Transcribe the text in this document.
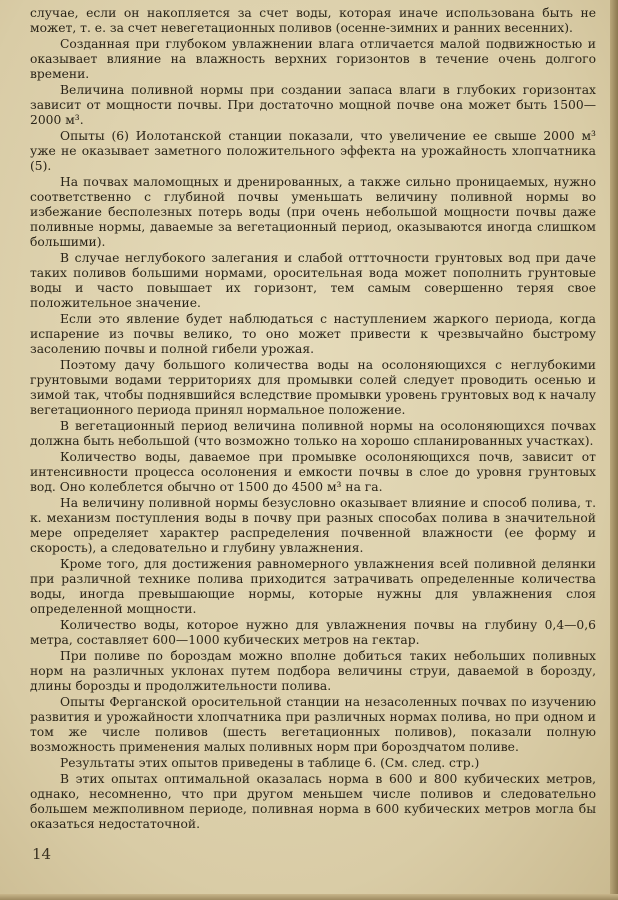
случае, если он накопляется за счет воды, которая иначе использована быть не может, т. е. за счет невегетационных поливов (осенне-зимних и ранних весенних).

Созданная при глубоком увлажнении влага отличается малой подвижностью и оказывает влияние на влажность верхних горизонтов в течение очень долгого времени.

Величина поливной нормы при создании запаса влаги в глубоких горизонтах зависит от мощности почвы. При достаточно мощной почве она может быть 1500—2000 м³.

Опыты (6) Иолотанской станции показали, что увеличение ее свыше 2000 м³ уже не оказывает заметного положительного эффекта на урожайность хлопчатника (5).

На почвах маломощных и дренированных, а также сильно проницаемых, нужно соответственно с глубиной почвы уменьшать величину поливной нормы во избежание бесполезных потерь воды (при очень небольшой мощности почвы даже поливные нормы, даваемые за вегетационный период, оказываются иногда слишком большими).

В случае неглубокого залегания и слабой оттточности грунтовых вод при даче таких поливов большими нормами, оросительная вода может пополнить грунтовые воды и часто повышает их горизонт, тем самым совершенно теряя свое положительное значение.

Если это явление будет наблюдаться с наступлением жаркого периода, когда испарение из почвы велико, то оно может привести к чрезвычайно быстрому засолению почвы и полной гибели урожая.

Поэтому дачу большого количества воды на осолоняющихся с неглубокими грунтовыми водами территориях для промывки солей следует проводить осенью и зимой так, чтобы поднявшийся вследствие промывки уровень грунтовых вод к началу вегетационного периода принял нормальное положение.

В вегетационный период величина поливной нормы на осолоняющихся почвах должна быть небольшой (что возможно только на хорошо спланированных участках).

Количество воды, даваемое при промывке осолоняющихся почв, зависит от интенсивности процесса осолонения и емкости почвы в слое до уровня грунтовых вод. Оно колеблется обычно от 1500 до 4500 м³ на га.

На величину поливной нормы безусловно оказывает влияние и способ полива, т. к. механизм поступления воды в почву при разных способах полива в значительной мере определяет характер распределения почвенной влажности (ее форму и скорость), а следовательно и глубину увлажнения.

Кроме того, для достижения равномерного увлажнения всей поливной делянки при различной технике полива приходится затрачивать определенные количества воды, иногда превышающие нормы, которые нужны для увлажнения слоя определенной мощности.

Количество воды, которое нужно для увлажнения почвы на глубину 0,4—0,6 метра, составляет 600—1000 кубических метров на гектар.

При поливе по бороздам можно вполне добиться таких небольших поливных норм на различных уклонах путем подбора величины струи, даваемой в борозду, длины борозды и продолжительности полива.

Опыты Ферганской оросительной станции на незасоленных почвах по изучению развития и урожайности хлопчатника при различных нормах полива, но при одном и том же числе поливов (шесть вегетационных поливов), показали полную возможность применения малых поливных норм при бороздчатом поливе.

Результаты этих опытов приведены в таблице 6. (См. след. стр.)

В этих опытах оптимальной оказалась норма в 600 и 800 кубических метров, однако, несомненно, что при другом меньшем числе поливов и следовательно большем межполивном периоде, поливная норма в 600 кубических метров могла бы оказаться недостаточной.

14
